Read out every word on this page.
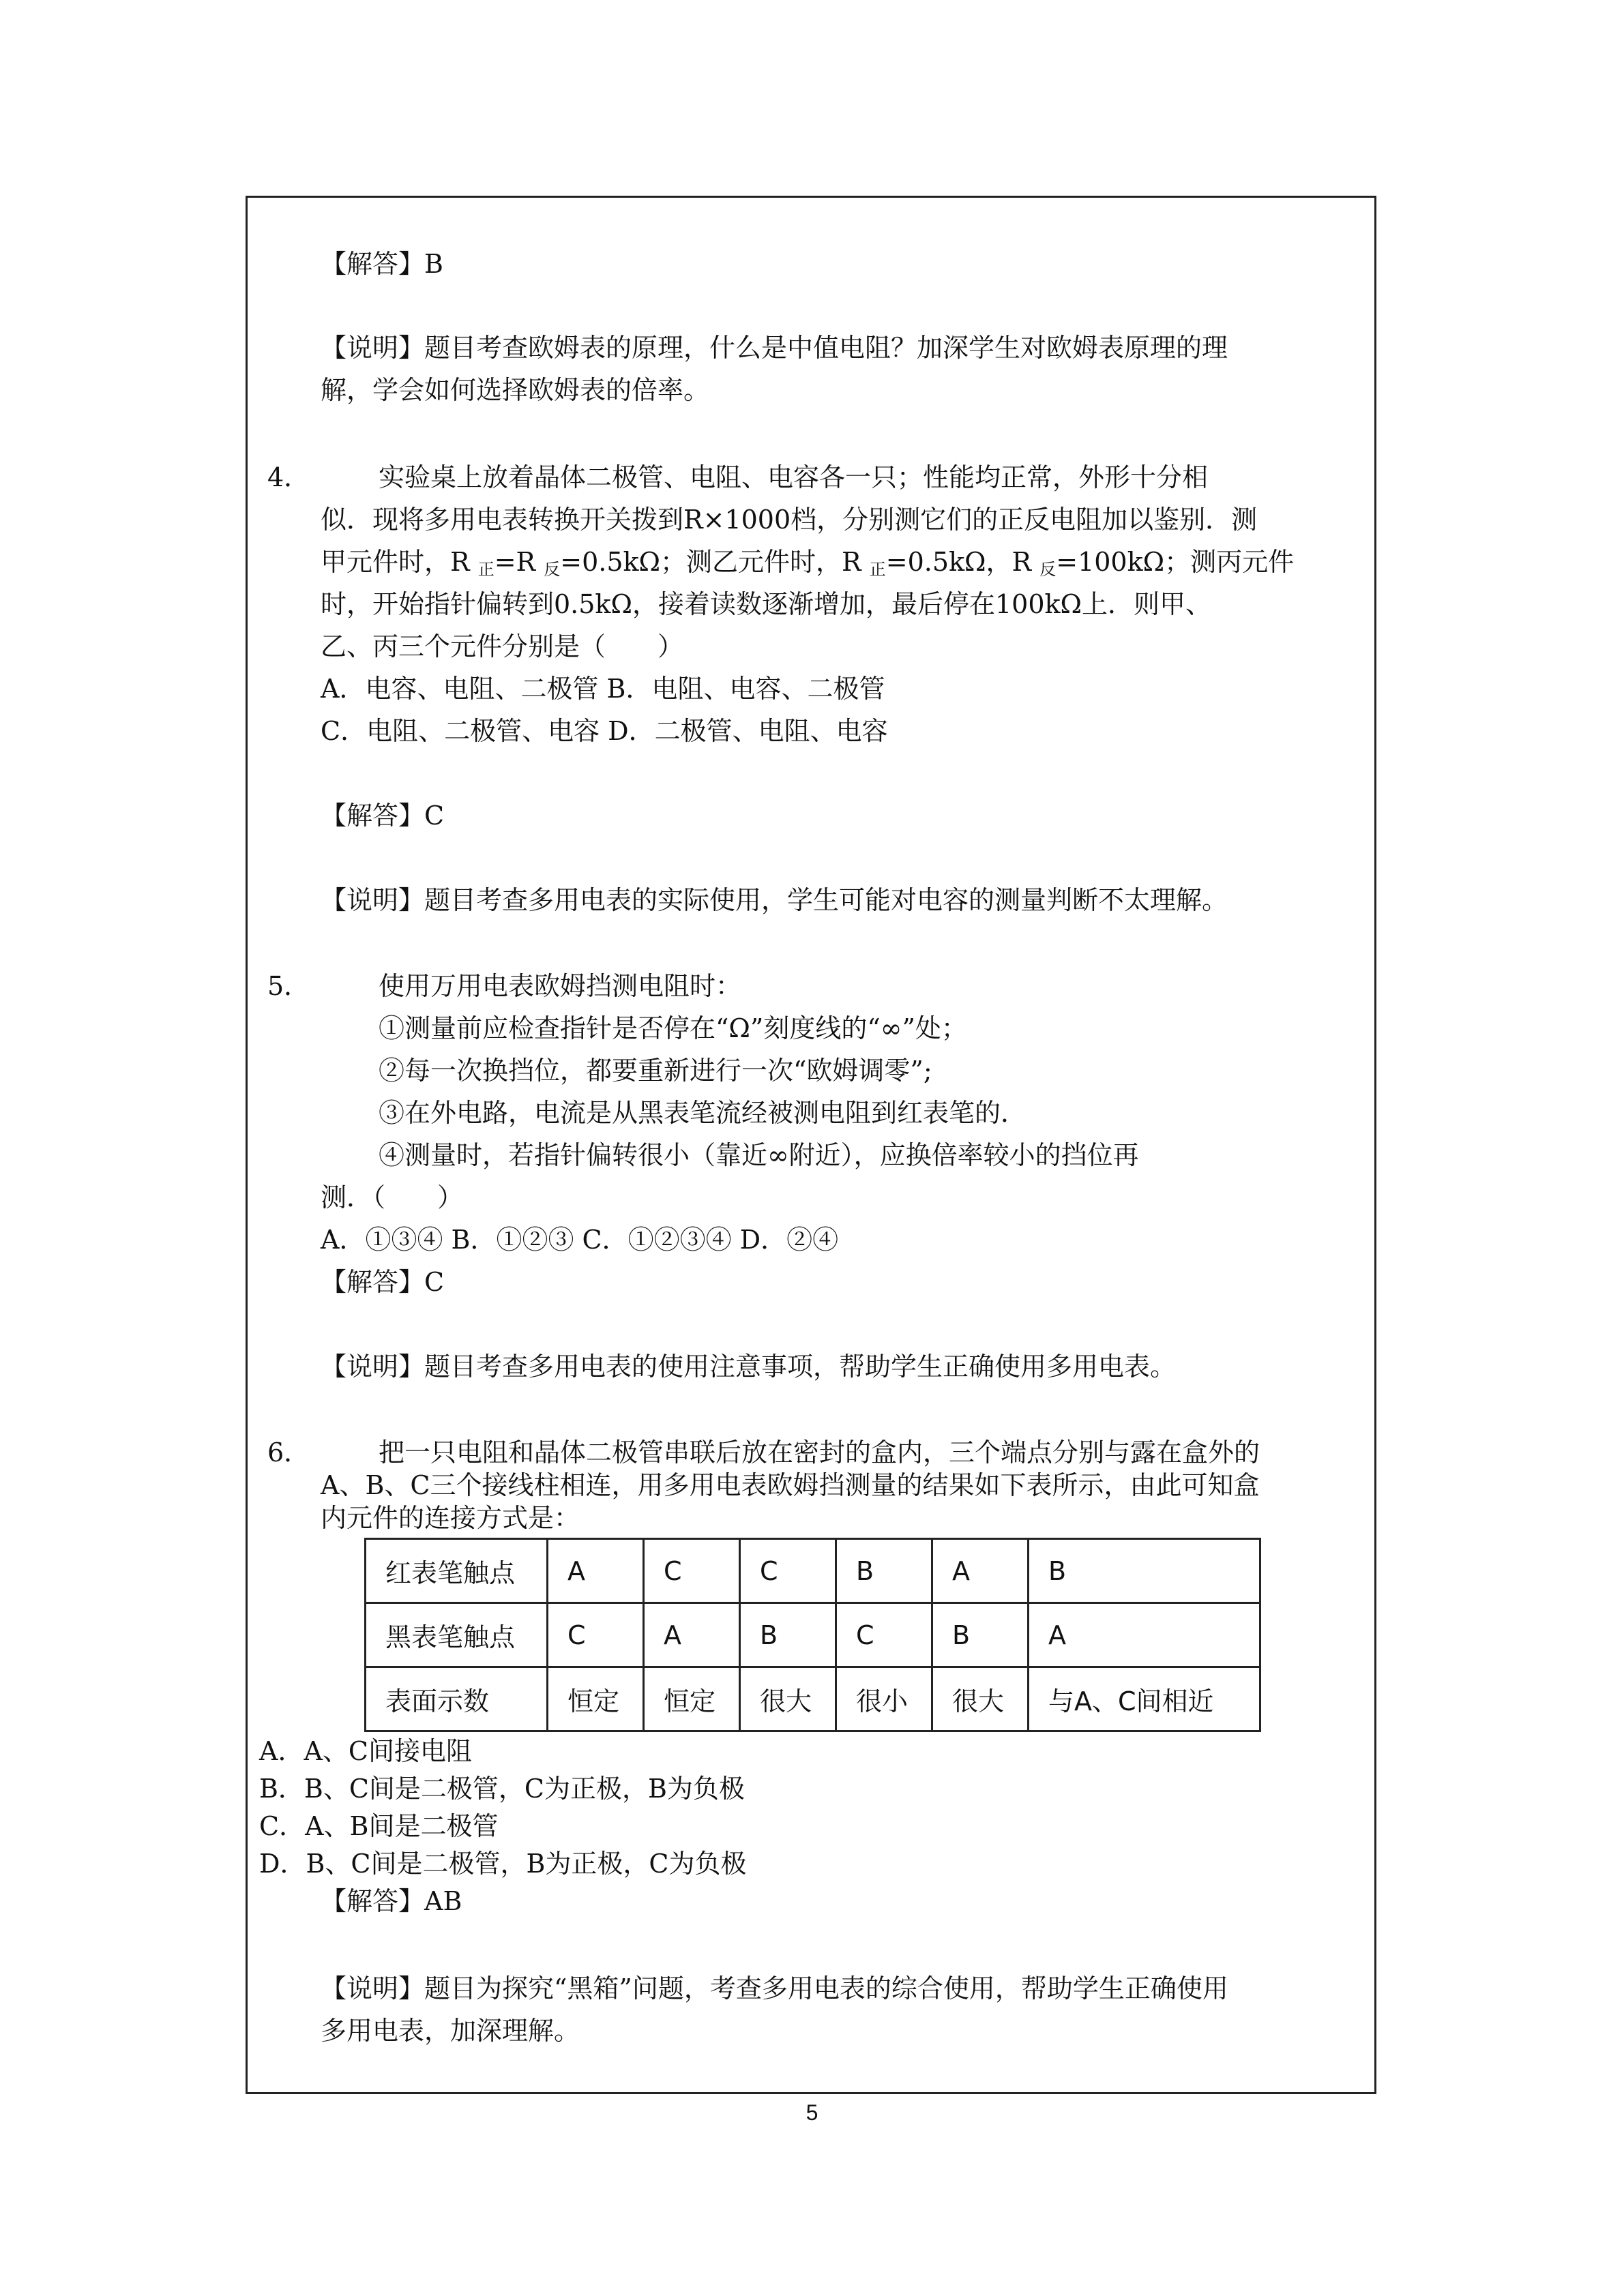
【解答】B
【说明】题目考查欧姆表的原理，什么是中值电阻？加深学生对欧姆表原理的理
解，学会如何选择欧姆表的倍率。
4．	实验桌上放着晶体二极管、电阻、电容各一只；性能均正常，外形十分相
似．现将多用电表转换开关拨到R×1000档，分别测它们的正反电阻加以鉴别．测
甲元件时，R 正=R 反=0.5kΩ；测乙元件时，R 正=0.5kΩ，R 反=100kΩ；测丙元件
时，开始指针偏转到0.5kΩ，接着读数逐渐增加，最后停在100kΩ上．则甲、
乙、丙三个元件分别是（　　）
A．电容、电阻、二极管 B．电阻、电容、二极管
C．电阻、二极管、电容 D．二极管、电阻、电容
【解答】C
【说明】题目考查多用电表的实际使用，学生可能对电容的测量判断不太理解。
5．	使用万用电表欧姆挡测电阻时：
①测量前应检查指针是否停在“Ω”刻度线的“∞”处；
②每一次换挡位，都要重新进行一次“欧姆调零”;
③在外电路，电流是从黑表笔流经被测电阻到红表笔的．
④测量时，若指针偏转很小（靠近∞附近），应换倍率较小的挡位再
测．（　　）
A．①③④ B．①②③ C．①②③④ D．②④
【解答】C
【说明】题目考查多用电表的使用注意事项，帮助学生正确使用多用电表。
6．	把一只电阻和晶体二极管串联后放在密封的盒内，三个端点分别与露在盒外的
A、B、C三个接线柱相连，用多用电表欧姆挡测量的结果如下表所示，由此可知盒
内元件的连接方式是：
红表笔触点	A	C	C	B	A	B
黑表笔触点	C	A	B	C	B	A
表面示数	恒定	恒定	很大	很小	很大	与A、C间相近
A．A、C间接电阻
B．B、C间是二极管，C为正极，B为负极
C．A、B间是二极管
D．B、C间是二极管，B为正极，C为负极
【解答】AB
【说明】题目为探究“黑箱”问题，考查多用电表的综合使用，帮助学生正确使用
多用电表，加深理解。
5
